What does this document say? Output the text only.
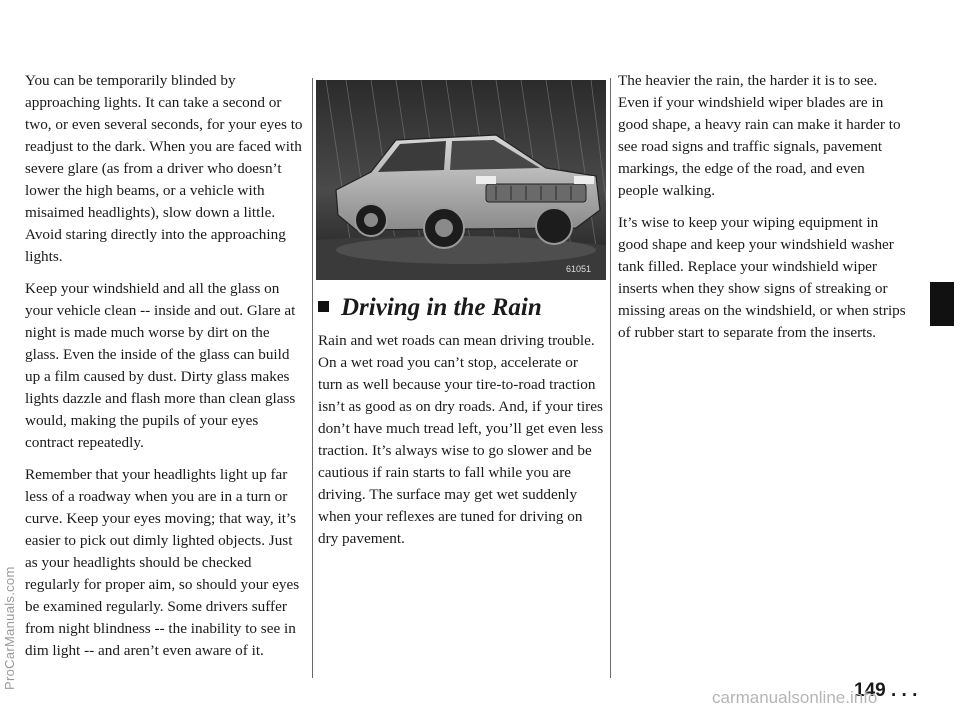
You can be temporarily blinded by approaching lights. It can take a second or two, or even several seconds, for your eyes to readjust to the dark. When you are faced with severe glare (as from a driver who doesn’t lower the high beams, or a vehicle with misaimed headlights), slow down a little. Avoid staring directly into the approaching lights.

Keep your windshield and all the glass on your vehicle clean -- inside and out. Glare at night is made much worse by dirt on the glass. Even the inside of the glass can build up a film caused by dust. Dirty glass makes lights dazzle and flash more than clean glass would, making the pupils of your eyes contract repeatedly.

Remember that your headlights light up far less of a roadway when you are in a turn or curve. Keep your eyes moving; that way, it’s easier to pick out dimly lighted objects. Just as your headlights should be checked regularly for proper aim, so should your eyes be examined regularly. Some drivers suffer from night blindness -- the inability to see in dim light -- and aren’t even aware of it.

61051
Driving in the Rain

Rain and wet roads can mean driving trouble. On a wet road you can’t stop, accelerate or turn as well because your tire-to-road traction isn’t as good as on dry roads. And, if your tires don’t have much tread left, you’ll get even less traction. It’s always wise to go slower and be cautious if rain starts to fall while you are driving. The surface may get wet suddenly when your reflexes are tuned for driving on dry pavement.

The heavier the rain, the harder it is to see. Even if your windshield wiper blades are in good shape, a heavy rain can make it harder to see road signs and traffic signals, pavement markings, the edge of the road, and even people walking.

It’s wise to keep your wiping equipment in good shape and keep your windshield washer tank filled. Replace your windshield wiper inserts when they show signs of streaking or missing areas on the windshield, or when strips of rubber start to separate from the inserts.

149 . . .
ProCarManuals.com
carmanualsonline.info
